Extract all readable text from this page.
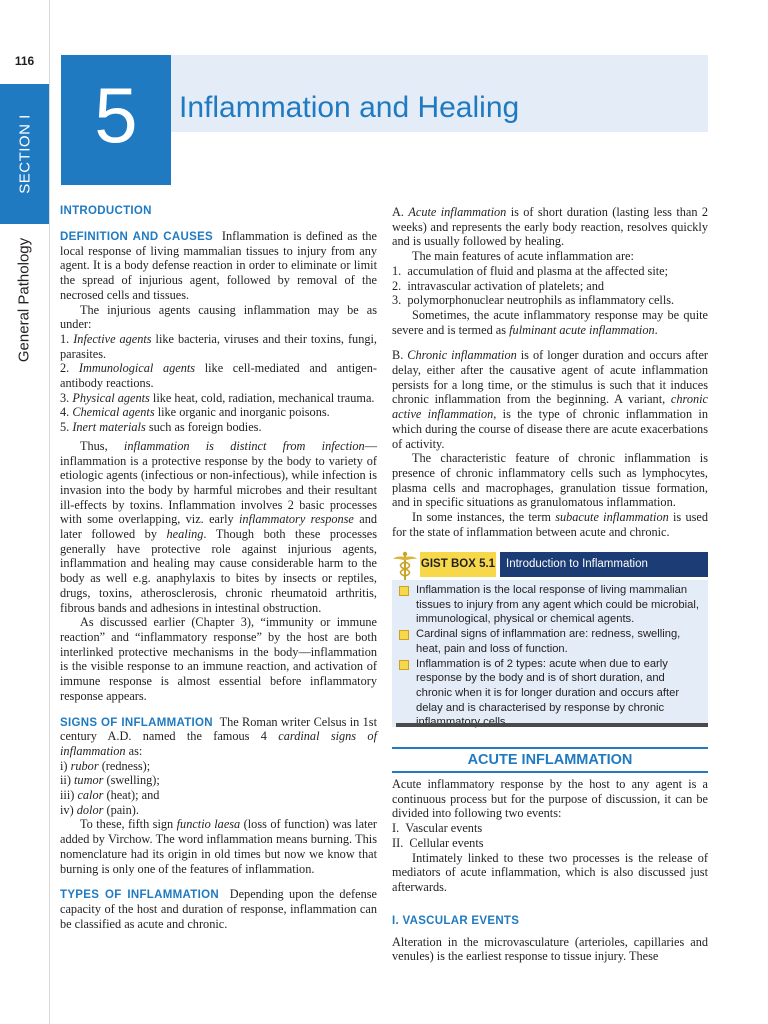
116
SECTION I
General Pathology
5	Inflammation and Healing

INTRODUCTION

DEFINITION AND CAUSES Inflammation is defined as the local response of living mammalian tissues to injury from any agent. It is a body defense reaction in order to eliminate or limit the spread of injurious agent, followed by removal of the necrosed cells and tissues.

The injurious agents causing inflammation may be as under:

1. Infective agents like bacteria, viruses and their toxins, fungi, parasites.

2. Immunological agents like cell-mediated and antigen-antibody reactions.

3. Physical agents like heat, cold, radiation, mechanical trauma.

4. Chemical agents like organic and inorganic poisons.

5. Inert materials such as foreign bodies.

Thus, inflammation is distinct from infection—inflammation is a protective response by the body to variety of etiologic agents (infectious or non-infectious), while infection is invasion into the body by harmful microbes and their resultant ill-effects by toxins. Inflammation involves 2 basic processes with some overlapping, viz. early inflammatory response and later followed by healing. Though both these processes generally have protective role against injurious agents, inflammation and healing may cause considerable harm to the body as well e.g. anaphylaxis to bites by insects or reptiles, drugs, toxins, atherosclerosis, chronic rheumatoid arthritis, fibrous bands and adhesions in intestinal obstruction.

As discussed earlier (Chapter 3), “immunity or immune reaction” and “inflammatory response” by the host are both interlinked protective mechanisms in the body—inflammation is the visible response to an immune reaction, and activation of immune response is almost essential before inflammatory response appears.

SIGNS OF INFLAMMATION The Roman writer Celsus in 1st century A.D. named the famous 4 cardinal signs of inflammation as:

i) rubor (redness);

ii) tumor (swelling);

iii) calor (heat); and

iv) dolor (pain).

To these, fifth sign functio laesa (loss of function) was later added by Virchow. The word inflammation means burning. This nomenclature had its origin in old times but now we know that burning is only one of the features of inflammation.

TYPES OF INFLAMMATION Depending upon the defense capacity of the host and duration of response, inflammation can be classified as acute and chronic.

A. Acute inflammation is of short duration (lasting less than 2 weeks) and represents the early body reaction, resolves quickly and is usually followed by healing.

The main features of acute inflammation are:

1. accumulation of fluid and plasma at the affected site;

2. intravascular activation of platelets; and

3. polymorphonuclear neutrophils as inflammatory cells.

Sometimes, the acute inflammatory response may be quite severe and is termed as fulminant acute inflammation.

B. Chronic inflammation is of longer duration and occurs after delay, either after the causative agent of acute inflammation persists for a long time, or the stimulus is such that it induces chronic inflammation from the beginning. A variant, chronic active inflammation, is the type of chronic inflammation in which during the course of disease there are acute exacerbations of activity.

The characteristic feature of chronic inflammation is presence of chronic inflammatory cells such as lymphocytes, plasma cells and macrophages, granulation tissue formation, and in specific situations as granulomatous inflammation.

In some instances, the term subacute inflammation is used for the state of inflammation between acute and chronic.

GIST BOX 5.1 Introduction to Inflammation
Inflammation is the local response of living mammalian tissues to injury from any agent which could be microbial, immunological, physical or chemical agents.
Cardinal signs of inflammation are: redness, swelling, heat, pain and loss of function.
Inflammation is of 2 types: acute when due to early response by the body and is of short duration, and chronic when it is for longer duration and occurs after delay and is characterised by response by chronic
ACUTE INFLAMMATION

Acute inflammatory response by the host to any agent is a continuous process but for the purpose of discussion, it can be divided into following two events:

I. Vascular events

II. Cellular events

Intimately linked to these two processes is the release of mediators of acute inflammation, which is also discussed just afterwards.

I. VASCULAR EVENTS

Alteration in the microvasculature (arterioles, capillaries and venules) is the earliest response to tissue injury. These
